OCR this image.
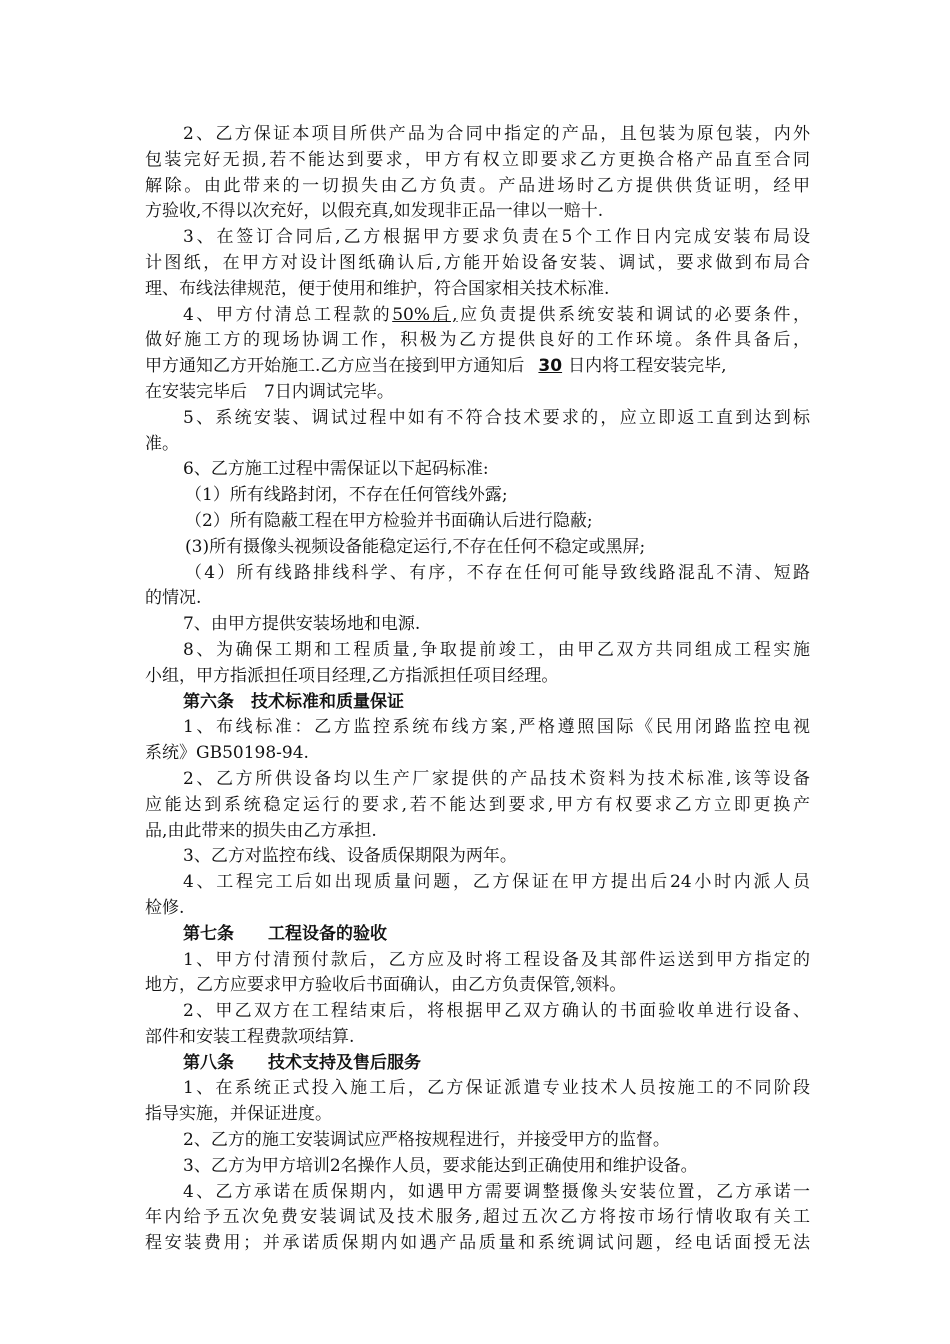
2、乙方保证本项目所供产品为合同中指定的产品，且包装为原包装，内外
包装完好无损,若不能达到要求，甲方有权立即要求乙方更换合格产品直至合同
解除。由此带来的一切损失由乙方负责。产品进场时乙方提供供货证明，经甲
方验收,不得以次充好，以假充真,如发现非正品一律以一赔十.
3、在签订合同后,乙方根据甲方要求负责在5个工作日内完成安装布局设
计图纸，在甲方对设计图纸确认后,方能开始设备安装、调试，要求做到布局合
理、布线法律规范，便于使用和维护，符合国家相关技术标准.
4、甲方付清总工程款的50%后,应负责提供系统安装和调试的必要条件，
做好施工方的现场协调工作，积极为乙方提供良好的工作环境。条件具备后，
甲方通知乙方开始施工.乙方应当在接到甲方通知后 30 日内将工程安装完毕,
在安装完毕后　7日内调试完毕。
5、系统安装、调试过程中如有不符合技术要求的，应立即返工直到达到标
准。
6、乙方施工过程中需保证以下起码标准:
（1）所有线路封闭，不存在任何管线外露;
（2）所有隐蔽工程在甲方检验并书面确认后进行隐蔽;
(3)所有摄像头视频设备能稳定运行,不存在任何不稳定或黑屏;
（4）所有线路排线科学、有序，不存在任何可能导致线路混乱不清、短路
的情况.
7、由甲方提供安装场地和电源.
8、为确保工期和工程质量,争取提前竣工，由甲乙双方共同组成工程实施
小组，甲方指派担任项目经理,乙方指派担任项目经理。
第六条　技术标准和质量保证
1、布线标准：乙方监控系统布线方案,严格遵照国际《民用闭路监控电视
系统》GB50198-94.
2、乙方所供设备均以生产厂家提供的产品技术资料为技术标准,该等设备
应能达到系统稳定运行的要求,若不能达到要求,甲方有权要求乙方立即更换产
品,由此带来的损失由乙方承担.
3、乙方对监控布线、设备质保期限为两年。
4、工程完工后如出现质量问题，乙方保证在甲方提出后24小时内派人员
检修.
第七条　　工程设备的验收
1、甲方付清预付款后，乙方应及时将工程设备及其部件运送到甲方指定的
地方，乙方应要求甲方验收后书面确认，由乙方负责保管,领料。
2、甲乙双方在工程结束后，将根据甲乙双方确认的书面验收单进行设备、
部件和安装工程费款项结算.
第八条　　技术支持及售后服务
1、在系统正式投入施工后，乙方保证派遣专业技术人员按施工的不同阶段
指导实施，并保证进度。
2、乙方的施工安装调试应严格按规程进行，并接受甲方的监督。
3、乙方为甲方培训2名操作人员，要求能达到正确使用和维护设备。
4、乙方承诺在质保期内，如遇甲方需要调整摄像头安装位置，乙方承诺一
年内给予五次免费安装调试及技术服务,超过五次乙方将按市场行情收取有关工
程安装费用；并承诺质保期内如遇产品质量和系统调试问题，经电话面授无法
